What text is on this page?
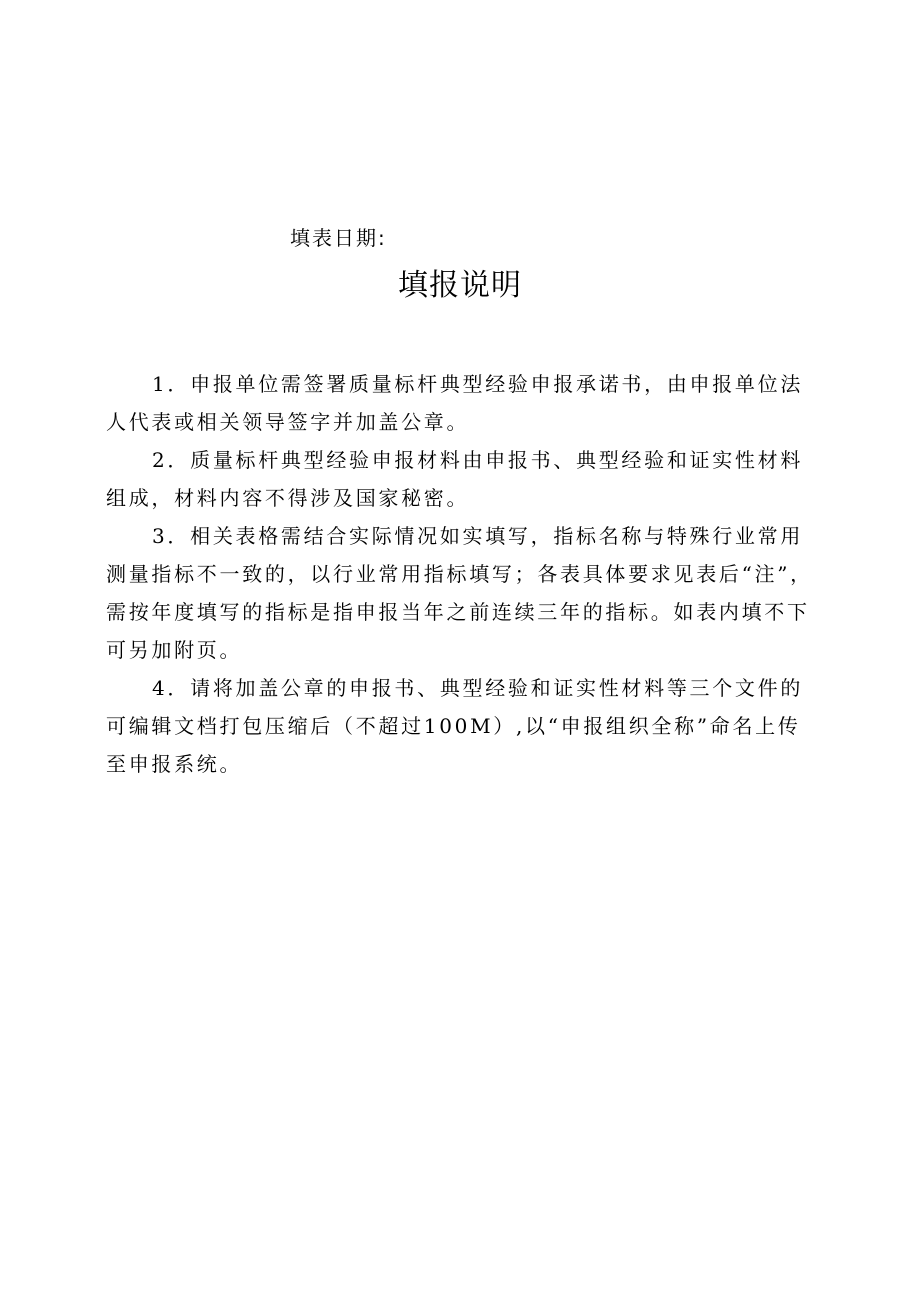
填表日期:
填报说明

1．申报单位需签署质量标杆典型经验申报承诺书，由申报单位法人代表或相关领导签字并加盖公章。

2．质量标杆典型经验申报材料由申报书、典型经验和证实性材料组成，材料内容不得涉及国家秘密。

3．相关表格需结合实际情况如实填写，指标名称与特殊行业常用测量指标不一致的，以行业常用指标填写；各表具体要求见表后“注”，需按年度填写的指标是指申报当年之前连续三年的指标。如表内填不下可另加附页。

4．请将加盖公章的申报书、典型经验和证实性材料等三个文件的可编辑文档打包压缩后（不超过100M）,以“申报组织全称”命名上传至申报系统。
